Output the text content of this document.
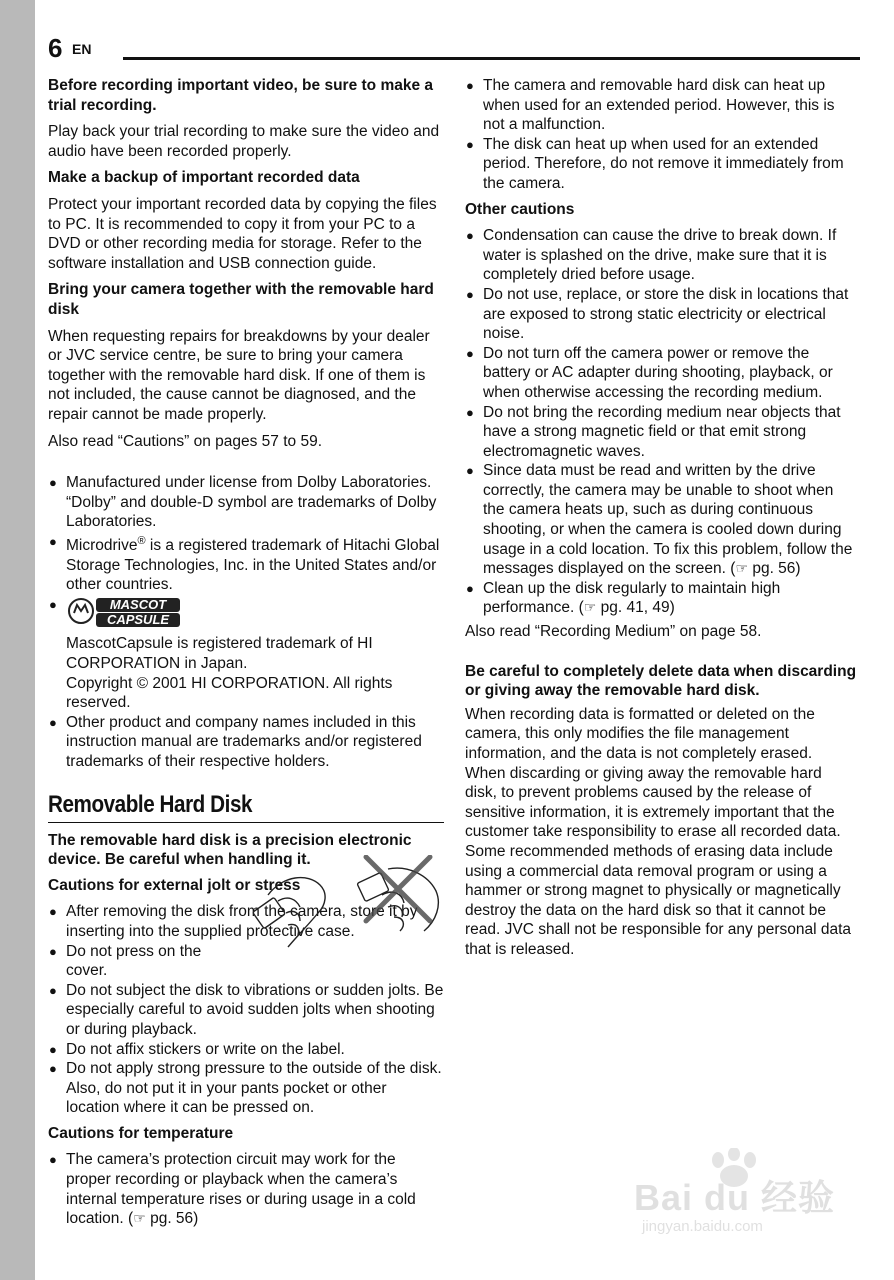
6 EN

Before recording important video, be sure to make a trial recording.

Play back your trial recording to make sure the video and audio have been recorded properly.

Make a backup of important recorded data

Protect your important recorded data by copying the files to PC. It is recommended to copy it from your PC to a DVD or other recording media for storage. Refer to the software installation and USB connection guide.

Bring your camera together with the removable hard disk

When requesting repairs for breakdowns by your dealer or JVC service centre, be sure to bring your camera together with the removable hard disk. If one of them is not included, the cause cannot be diagnosed, and the repair cannot be made properly.

Also read “Cautions” on pages 57 to 59.

● Manufactured under license from Dolby Laboratories. “Dolby” and double-D symbol are trademarks of Dolby Laboratories.
● Microdrive® is a registered trademark of Hitachi Global Storage Technologies, Inc. in the United States and/or other countries.
● MASCOT
CAPSULE
MascotCapsule is registered trademark of HI CORPORATION in Japan.
Copyright © 2001 HI CORPORATION. All rights reserved.
● Other product and company names included in this instruction manual are trademarks and/or registered trademarks of their respective holders.
Removable Hard Disk

The removable hard disk is a precision electronic device. Be careful when handling it.

Cautions for external jolt or stress

● After removing the disk from the camera, store it by inserting into the supplied protective case.
● Do not press on the cover.
● Do not subject the disk to vibrations or sudden jolts. Be especially careful to avoid sudden jolts when shooting or during playback.
● Do not affix stickers or write on the label.
● Do not apply strong pressure to the outside of the disk. Also, do not put it in your pants pocket or other location where it can be pressed on.

Cautions for temperature

● The camera’s protection circuit may work for the proper recording or playback when the camera’s internal temperature rises or during usage in a cold location. (☞ pg. 56)
● The camera and removable hard disk can heat up when used for an extended period. However, this is not a malfunction.
● The disk can heat up when used for an extended period. Therefore, do not remove it immediately from the camera.

Other cautions

● Condensation can cause the drive to break down. If water is splashed on the drive, make sure that it is completely dried before usage.
● Do not use, replace, or store the disk in locations that are exposed to strong static electricity or electrical noise.
● Do not turn off the camera power or remove the battery or AC adapter during shooting, playback, or when otherwise accessing the recording medium.
● Do not bring the recording medium near objects that have a strong magnetic field or that emit strong electromagnetic waves.
● Since data must be read and written by the drive correctly, the camera may be unable to shoot when the camera heats up, such as during continuous shooting, or when the camera is cooled down during usage in a cold location. To fix this problem, follow the messages displayed on the screen. (☞ pg. 56)
● Clean up the disk regularly to maintain high performance. (☞ pg. 41, 49)

Also read “Recording Medium” on page 58.

Be careful to completely delete data when discarding or giving away the removable hard disk.

When recording data is formatted or deleted on the camera, this only modifies the file management information, and the data is not completely erased. When discarding or giving away the removable hard disk, to prevent problems caused by the release of sensitive information, it is extremely important that the customer take responsibility to erase all recorded data. Some recommended methods of erasing data include using a commercial data removal program or using a hammer or strong magnet to physically or magnetically destroy the data on the hard disk so that it cannot be read. JVC shall not be responsible for any personal data that is released.

Bai du 经验
jingyan.baidu.com
